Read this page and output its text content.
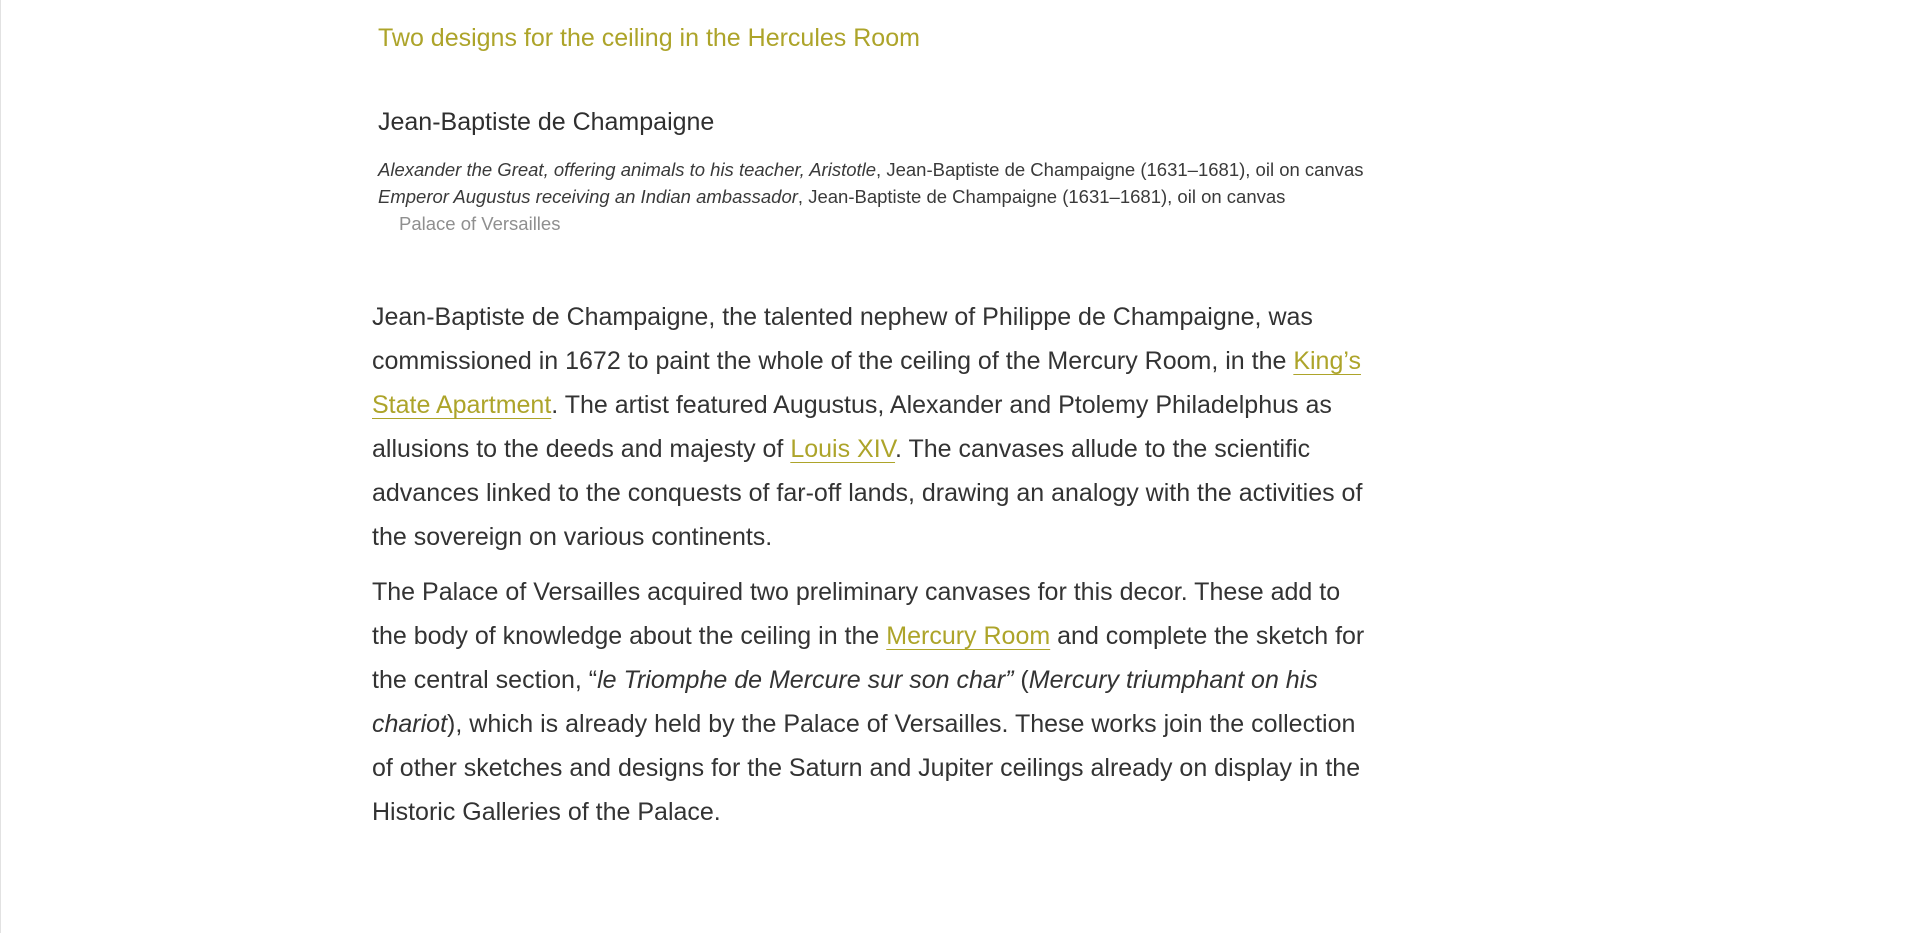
Two designs for the ceiling in the Hercules Room
Jean-Baptiste de Champaigne

Alexander the Great, offering animals to his teacher, Aristotle, Jean-Baptiste de Champaigne (1631–1681), oil on canvas

Emperor Augustus receiving an Indian ambassador, Jean-Baptiste de Champaigne (1631–1681), oil on canvas

Palace of Versailles

Jean-Baptiste de Champaigne, the talented nephew of Philippe de Champaigne, was commissioned in 1672 to paint the whole of the ceiling of the Mercury Room, in the King’s State Apartment. The artist featured Augustus, Alexander and Ptolemy Philadelphus as allusions to the deeds and majesty of Louis XIV. The canvases allude to the scientific advances linked to the conquests of far-off lands, drawing an analogy with the activities of the sovereign on various continents.

The Palace of Versailles acquired two preliminary canvases for this decor. These add to the body of knowledge about the ceiling in the Mercury Room and complete the sketch for the central section, “le Triomphe de Mercure sur son char” (Mercury triumphant on his chariot), which is already held by the Palace of Versailles. These works join the collection of other sketches and designs for the Saturn and Jupiter ceilings already on display in the Historic Galleries of the Palace.
